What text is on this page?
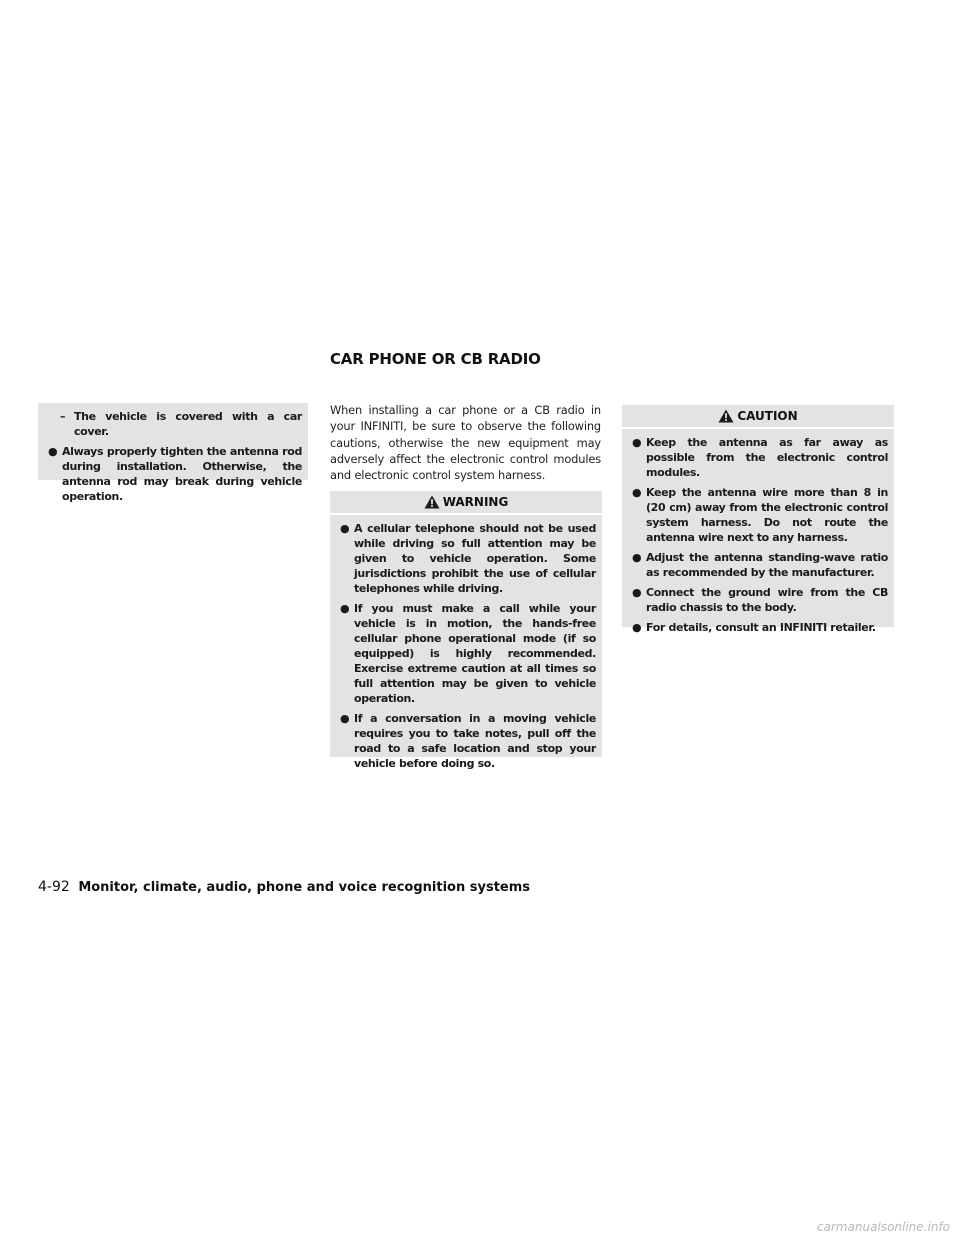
CAR PHONE OR CB RADIO
– The vehicle is covered with a car cover.
● Always properly tighten the antenna rod during installation. Otherwise, the antenna rod may break during vehicle operation.

When installing a car phone or a CB radio in your INFINITI, be sure to observe the following cautions, otherwise the new equipment may adversely affect the electronic control modules and electronic control system harness.

WARNING
● A cellular telephone should not be used while driving so full attention may be given to vehicle operation. Some jurisdictions prohibit the use of cellular telephones while driving.
● If you must make a call while your vehicle is in motion, the hands-free cellular phone operational mode (if so equipped) is highly recommended. Exercise extreme caution at all times so full attention may be given to vehicle operation.
● If a conversation in a moving vehicle requires you to take notes, pull off the road to a safe location and stop your vehicle before doing so.
CAUTION
● Keep the antenna as far away as possible from the electronic control modules.
● Keep the antenna wire more than 8 in (20 cm) away from the electronic control system harness. Do not route the antenna wire next to any harness.
● Adjust the antenna standing-wave ratio as recommended by the manufacturer.
● Connect the ground wire from the CB radio chassis to the body.
● For details, consult an INFINITI retailer.
4-92 Monitor, climate, audio, phone and voice recognition systems
carmanualsonline.info
